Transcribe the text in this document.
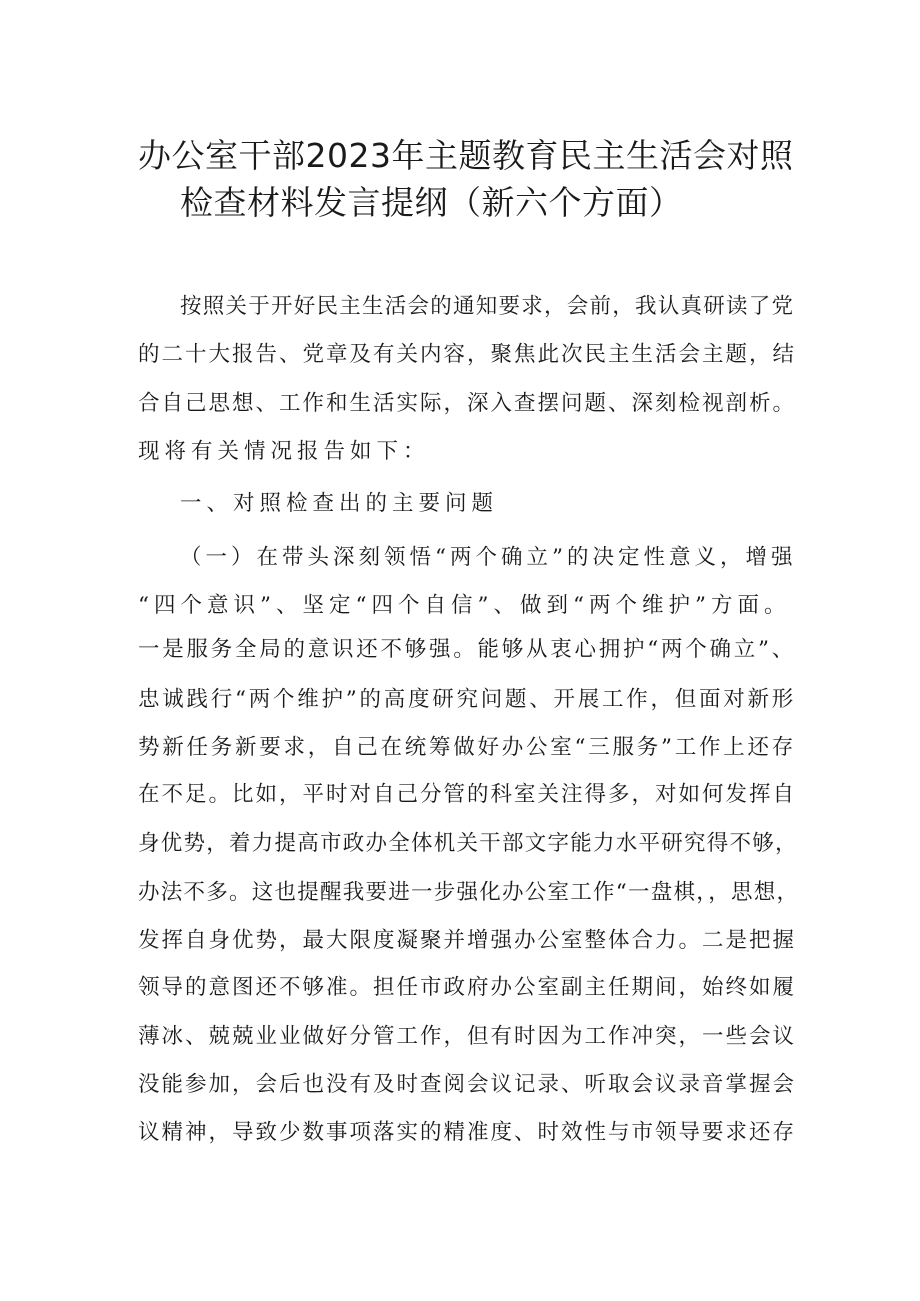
办公室干部2023年主题教育民主生活会对照
检查材料发言提纲（新六个方面）
按照关于开好民主生活会的通知要求，会前，我认真研读了党
的二十大报告、党章及有关内容，聚焦此次民主生活会主题，结
合自己思想、工作和生活实际，深入查摆问题、深刻检视剖析。
现将有关情况报告如下：
一、对照检查出的主要问题
（一）在带头深刻领悟“两个确立”的决定性意义，增强
“四个意识”、坚定“四个自信”、做到“两个维护”方面。
一是服务全局的意识还不够强。能够从衷心拥护“两个确立”、
忠诚践行“两个维护”的高度研究问题、开展工作，但面对新形
势新任务新要求，自己在统筹做好办公室“三服务”工作上还存
在不足。比如，平时对自己分管的科室关注得多，对如何发挥自
身优势，着力提高市政办全体机关干部文字能力水平研究得不够，
办法不多。这也提醒我要进一步强化办公室工作“一盘棋，，思想，
发挥自身优势，最大限度凝聚并增强办公室整体合力。二是把握
领导的意图还不够准。担任市政府办公室副主任期间，始终如履
薄冰、兢兢业业做好分管工作，但有时因为工作冲突，一些会议
没能参加，会后也没有及时查阅会议记录、听取会议录音掌握会
议精神，导致少数事项落实的精准度、时效性与市领导要求还存
